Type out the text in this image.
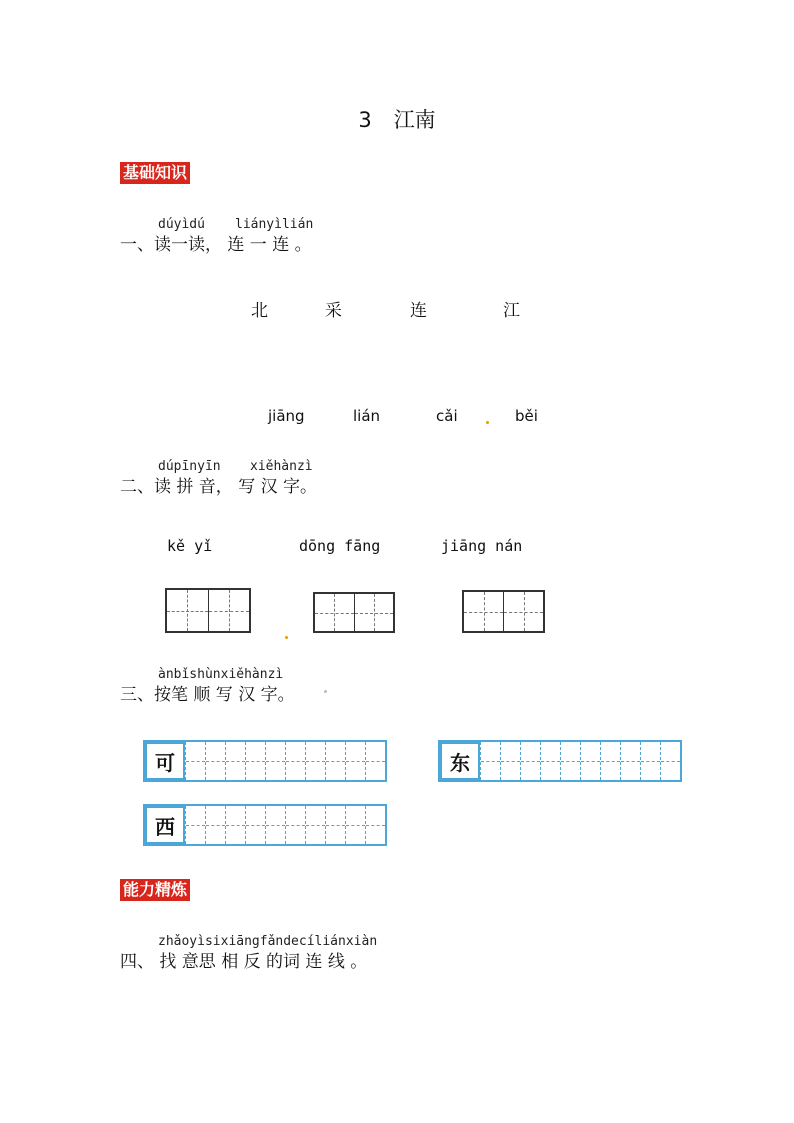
3 江南
基础知识
dúyìdú liányìlián
一、读一读， 连 一 连 。
北	采	连	江
jiāng	lián	cǎi	běi
dúpīnyīn xiěhànzì
二、读 拼 音， 写 汉 字。
kě yǐ	dōng fāng	jiāng nán
ànbǐshùnxiěhànzì
三、按笔 顺 写 汉 字。
可	东
西
能力精炼
zhǎoyìsixiāngfǎndecíliánxiàn
四、 找 意思 相 反 的词 连 线 。
